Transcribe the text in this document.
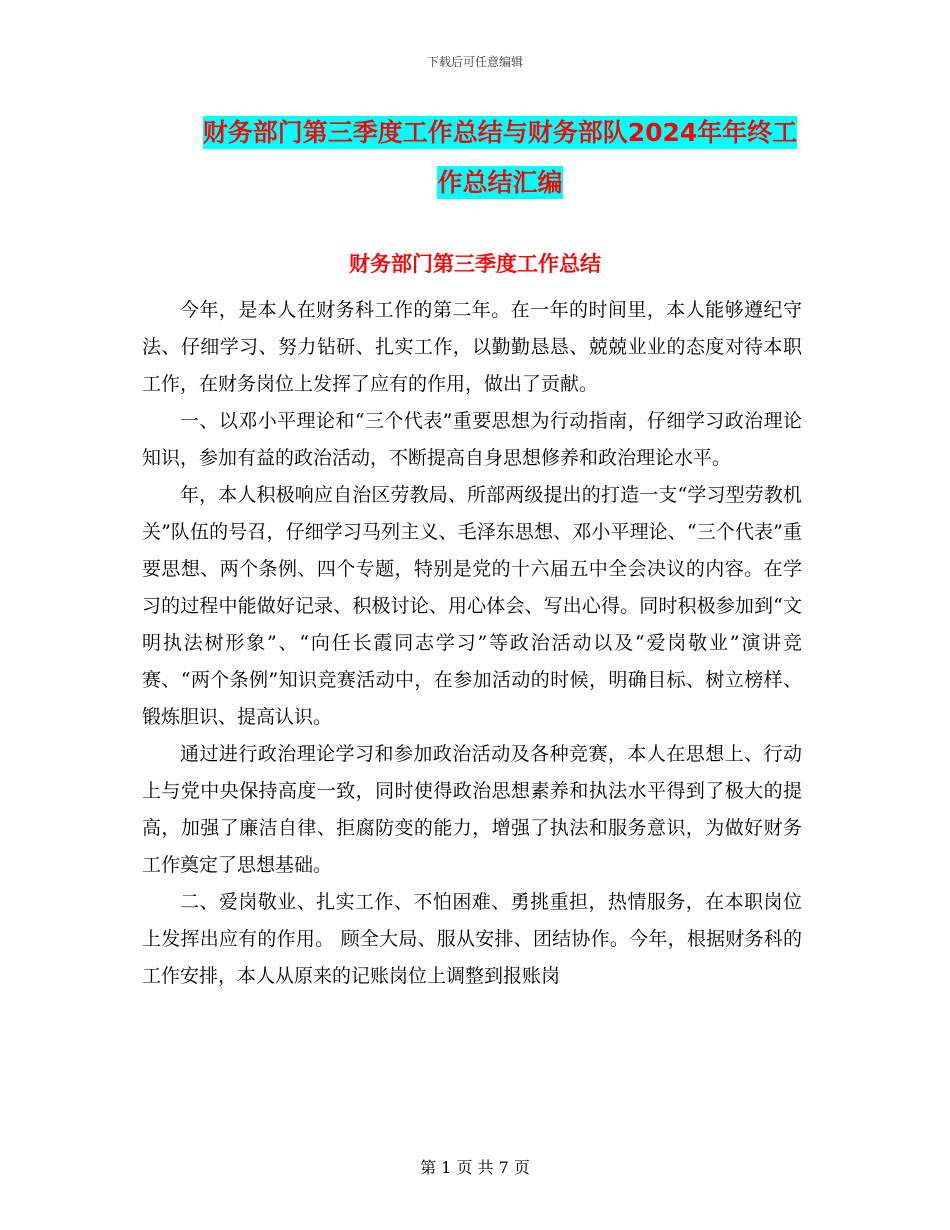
下载后可任意编辑
财务部门第三季度工作总结与财务部队2024年年终工
作总结汇编
财务部门第三季度工作总结

今年，是本人在财务科工作的第二年。在一年的时间里，本人能够遵纪守法、仔细学习、努力钻研、扎实工作，以勤勤恳恳、兢兢业业的态度对待本职工作，在财务岗位上发挥了应有的作用，做出了贡献。

一、以邓小平理论和“三个代表”重要思想为行动指南，仔细学习政治理论知识，参加有益的政治活动，不断提高自身思想修养和政治理论水平。

年，本人积极响应自治区劳教局、所部两级提出的打造一支“学习型劳教机关”队伍的号召，仔细学习马列主义、毛泽东思想、邓小平理论、“三个代表”重要思想、两个条例、四个专题，特别是党的十六届五中全会决议的内容。在学习的过程中能做好记录、积极讨论、用心体会、写出心得。同时积极参加到“文明执法树形象”、“向任长霞同志学习”等政治活动以及“爱岗敬业”演讲竞赛、“两个条例”知识竞赛活动中，在参加活动的时候，明确目标、树立榜样、锻炼胆识、提高认识。

通过进行政治理论学习和参加政治活动及各种竞赛，本人在思想上、行动上与党中央保持高度一致，同时使得政治思想素养和执法水平得到了极大的提高，加强了廉洁自律、拒腐防变的能力，增强了执法和服务意识，为做好财务工作奠定了思想基础。

二、爱岗敬业、扎实工作、不怕困难、勇挑重担，热情服务，在本职岗位上发挥出应有的作用。 顾全大局、服从安排、团结协作。今年，根据财务科的工作安排，本人从原来的记账岗位上调整到报账岗

第 1 页 共 7 页
